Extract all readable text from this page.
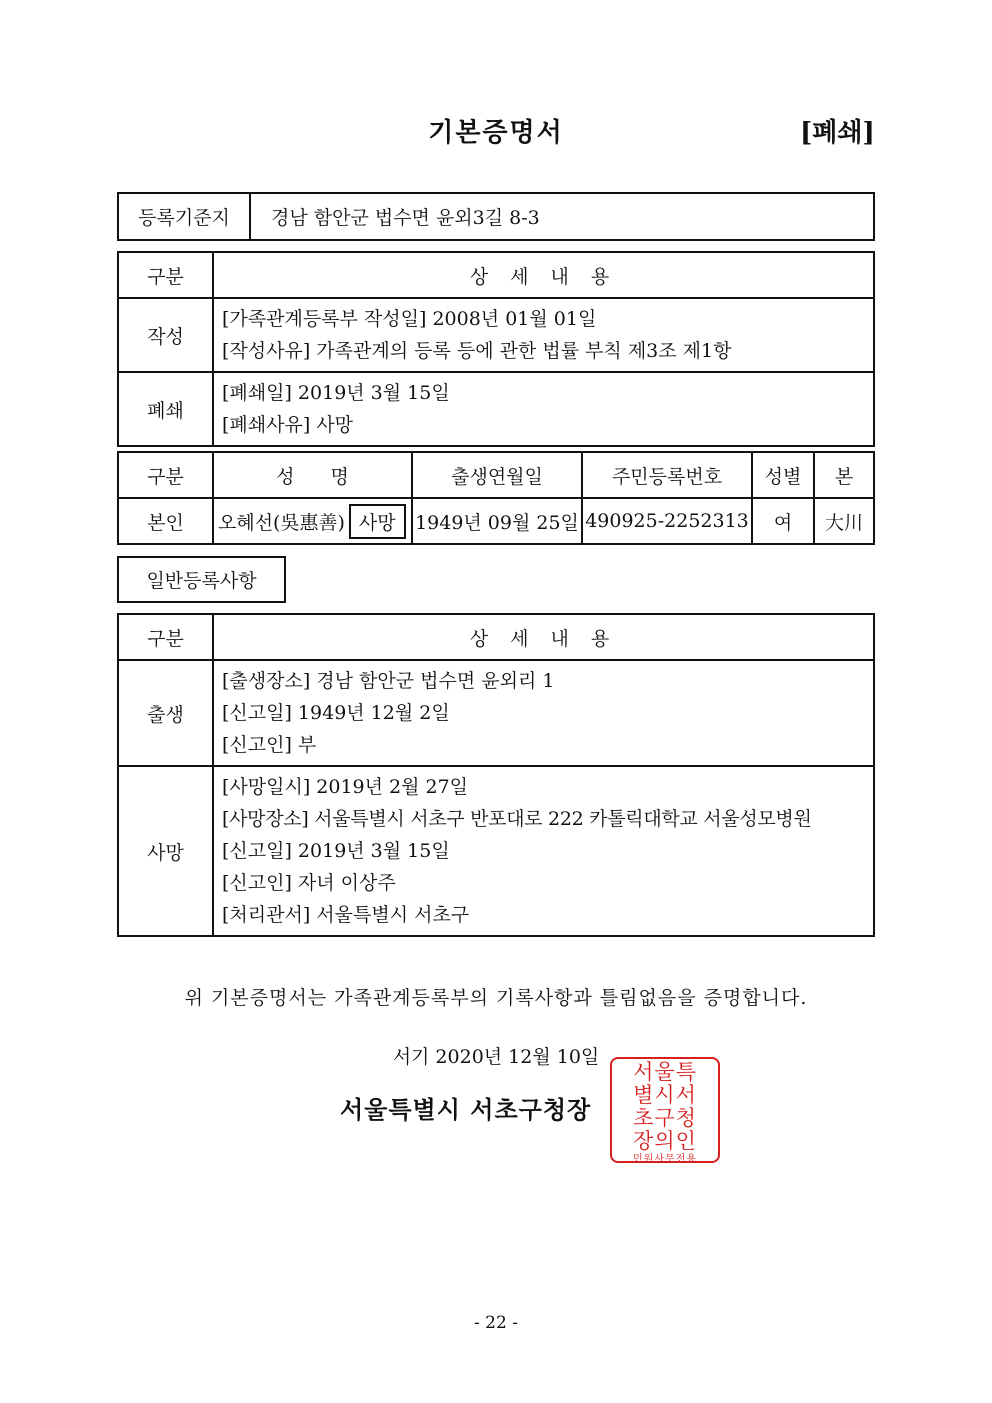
기본증명서	[폐쇄]
등록기준지	경남 함안군 법수면 윤외3길 8-3
구분	상 세 내 용
작성	[가족관계등록부 작성일] 2008년 01월 01일
[작성사유] 가족관계의 등록 등에 관한 법률 부칙 제3조 제1항

폐쇄	[폐쇄일] 2019년 3월 15일
[폐쇄사유] 사망
구분	성 명	출생연월일	주민등록번호	성별	본
본인	오혜선(吳惠善) 사망	1949년 09월 25일	490925-2252313	여	大川
일반등록사항
구분	상 세 내 용
출생	[출생장소] 경남 함안군 법수면 윤외리 1
[신고일] 1949년 12월 2일
[신고인] 부

사망	[사망일시] 2019년 2월 27일
[사망장소] 서울특별시 서초구 반포대로 222 카톨릭대학교 서울성모병원
[신고일] 2019년 3월 15일
[신고인] 자녀 이상주
[처리관서] 서울특별시 서초구
위 기본증명서는 가족관계등록부의 기록사항과 틀림없음을 증명합니다.
서기 2020년 12월 10일
서울특별시 서초구청장
서울특
별시서
초구청
장의인
민원사무전용
- 22 -
